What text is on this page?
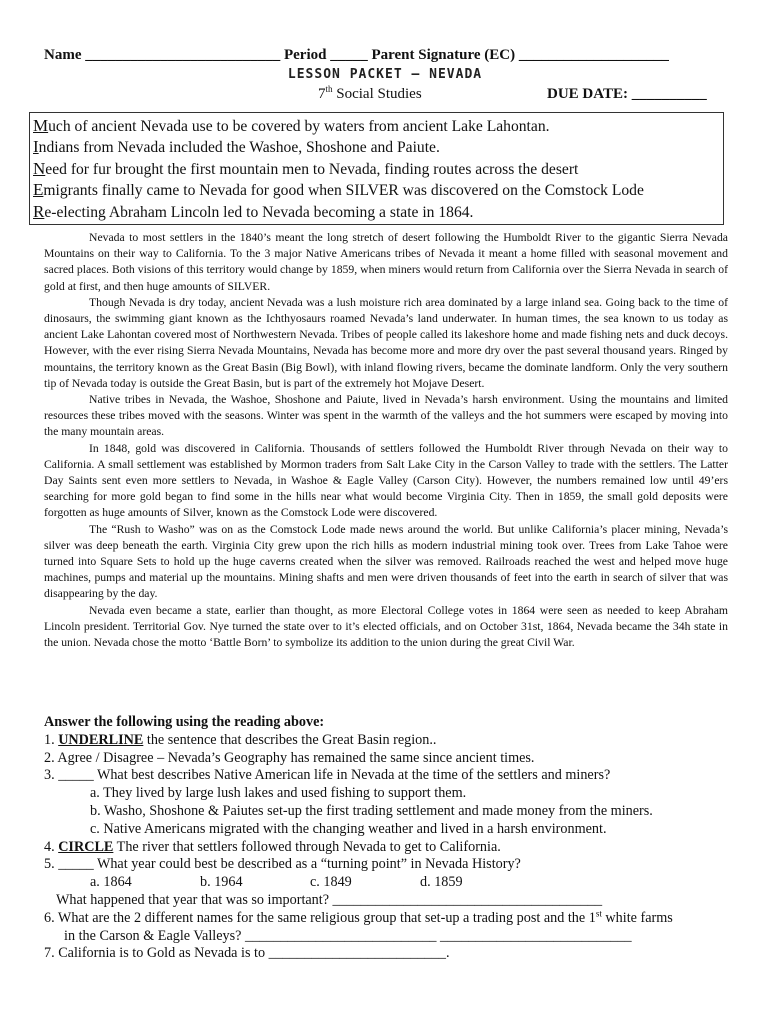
Name __________________________ Period _____ Parent Signature (EC) ____________________
LESSON PACKET – NEVADA
7th Social Studies	DUE DATE: __________
Much of ancient Nevada use to be covered by waters from ancient Lake Lahontan.
Indians from Nevada included the Washoe, Shoshone and Paiute.
Need for fur brought the first mountain men to Nevada, finding routes across the desert
Emigrants finally came to Nevada for good when SILVER was discovered on the Comstock Lode
Re-electing Abraham Lincoln led to Nevada becoming a state in 1864.

Nevada to most settlers in the 1840’s meant the long stretch of desert following the Humboldt River to the gigantic Sierra Nevada Mountains on their way to California. To the 3 major Native Americans tribes of Nevada it meant a home filled with seasonal movement and sacred places. Both visions of this territory would change by 1859, when miners would return from California over the Sierra Nevada in search of gold at first, and then huge amounts of SILVER.

Though Nevada is dry today, ancient Nevada was a lush moisture rich area dominated by a large inland sea. Going back to the time of dinosaurs, the swimming giant known as the Ichthyosaurs roamed Nevada’s land underwater. In human times, the sea known to us today as ancient Lake Lahontan covered most of Northwestern Nevada. Tribes of people called its lakeshore home and made fishing nets and duck decoys. However, with the ever rising Sierra Nevada Mountains, Nevada has become more and more dry over the past several thousand years. Ringed by mountains, the territory known as the Great Basin (Big Bowl), with inland flowing rivers, became the dominate landform. Only the very southern tip of Nevada today is outside the Great Basin, but is part of the extremely hot Mojave Desert.

Native tribes in Nevada, the Washoe, Shoshone and Paiute, lived in Nevada’s harsh environment. Using the mountains and limited resources these tribes moved with the seasons. Winter was spent in the warmth of the valleys and the hot summers were escaped by moving into the many mountain areas.

In 1848, gold was discovered in California. Thousands of settlers followed the Humboldt River through Nevada on their way to California. A small settlement was established by Mormon traders from Salt Lake City in the Carson Valley to trade with the settlers. The Latter Day Saints sent even more settlers to Nevada, in Washoe & Eagle Valley (Carson City). However, the numbers remained low until 49’ers searching for more gold began to find some in the hills near what would become Virginia City. Then in 1859, the small gold deposits were forgotten as huge amounts of Silver, known as the Comstock Lode were discovered.

The “Rush to Washo” was on as the Comstock Lode made news around the world. But unlike California’s placer mining, Nevada’s silver was deep beneath the earth. Virginia City grew upon the rich hills as modern industrial mining took over. Trees from Lake Tahoe were turned into Square Sets to hold up the huge caverns created when the silver was removed. Railroads reached the west and helped move huge machines, pumps and material up the mountains. Mining shafts and men were driven thousands of feet into the earth in search of silver that was disappearing by the day.

Nevada even became a state, earlier than thought, as more Electoral College votes in 1864 were seen as needed to keep Abraham Lincoln president. Territorial Gov. Nye turned the state over to it’s elected officials, and on October 31st, 1864, Nevada became the 34h state in the union. Nevada chose the motto ‘Battle Born’ to symbolize its addition to the union during the great Civil War.

Answer the following using the reading above:
1. UNDERLINE the sentence that describes the Great Basin region..
2. Agree / Disagree – Nevada’s Geography has remained the same since ancient times.
3. _____ What best describes Native American life in Nevada at the time of the settlers and miners?
a. They lived by large lush lakes and used fishing to support them.
b. Washo, Shoshone & Paiutes set-up the first trading settlement and made money from the miners.
c. Native Americans migrated with the changing weather and lived in a harsh environment.
4. CIRCLE The river that settlers followed through Nevada to get to California.
5. _____ What year could best be described as a “turning point” in Nevada History?
a. 1864	b. 1964	c. 1849	d. 1859
What happened that year that was so important? ______________________________________
6. What are the 2 different names for the same religious group that set-up a trading post and the 1st white farms
in the Carson & Eagle Valleys? ___________________________ ___________________________
7. California is to Gold as Nevada is to _________________________.
